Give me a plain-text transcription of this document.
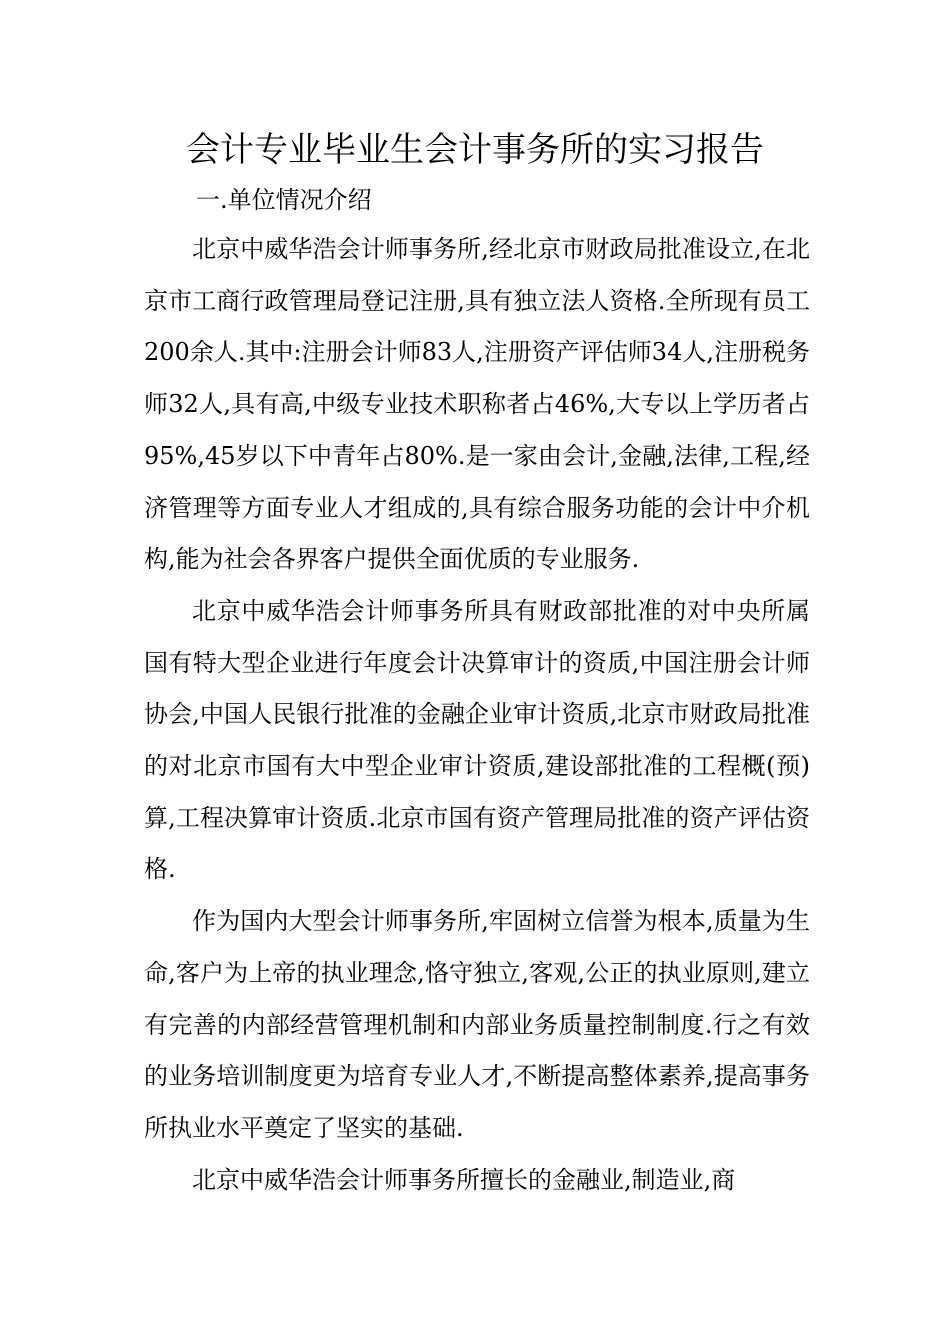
会计专业毕业生会计事务所的实习报告
一.单位情况介绍

北京中威华浩会计师事务所,经北京市财政局批准设立,在北京市工商行政管理局登记注册,具有独立法人资格.全所现有员工200余人.其中:注册会计师83人,注册资产评估师34人,注册税务师32人,具有高,中级专业技术职称者占46%,大专以上学历者占95%,45岁以下中青年占80%.是一家由会计,金融,法律,工程,经济管理等方面专业人才组成的,具有综合服务功能的会计中介机构,能为社会各界客户提供全面优质的专业服务.

北京中威华浩会计师事务所具有财政部批准的对中央所属国有特大型企业进行年度会计决算审计的资质,中国注册会计师协会,中国人民银行批准的金融企业审计资质,北京市财政局批准的对北京市国有大中型企业审计资质,建设部批准的工程概(预)算,工程决算审计资质.北京市国有资产管理局批准的资产评估资格.

作为国内大型会计师事务所,牢固树立信誉为根本,质量为生命,客户为上帝的执业理念,恪守独立,客观,公正的执业原则,建立有完善的内部经营管理机制和内部业务质量控制制度.行之有效的业务培训制度更为培育专业人才,不断提高整体素养,提高事务所执业水平奠定了坚实的基础.

北京中威华浩会计师事务所擅长的金融业,制造业,商
